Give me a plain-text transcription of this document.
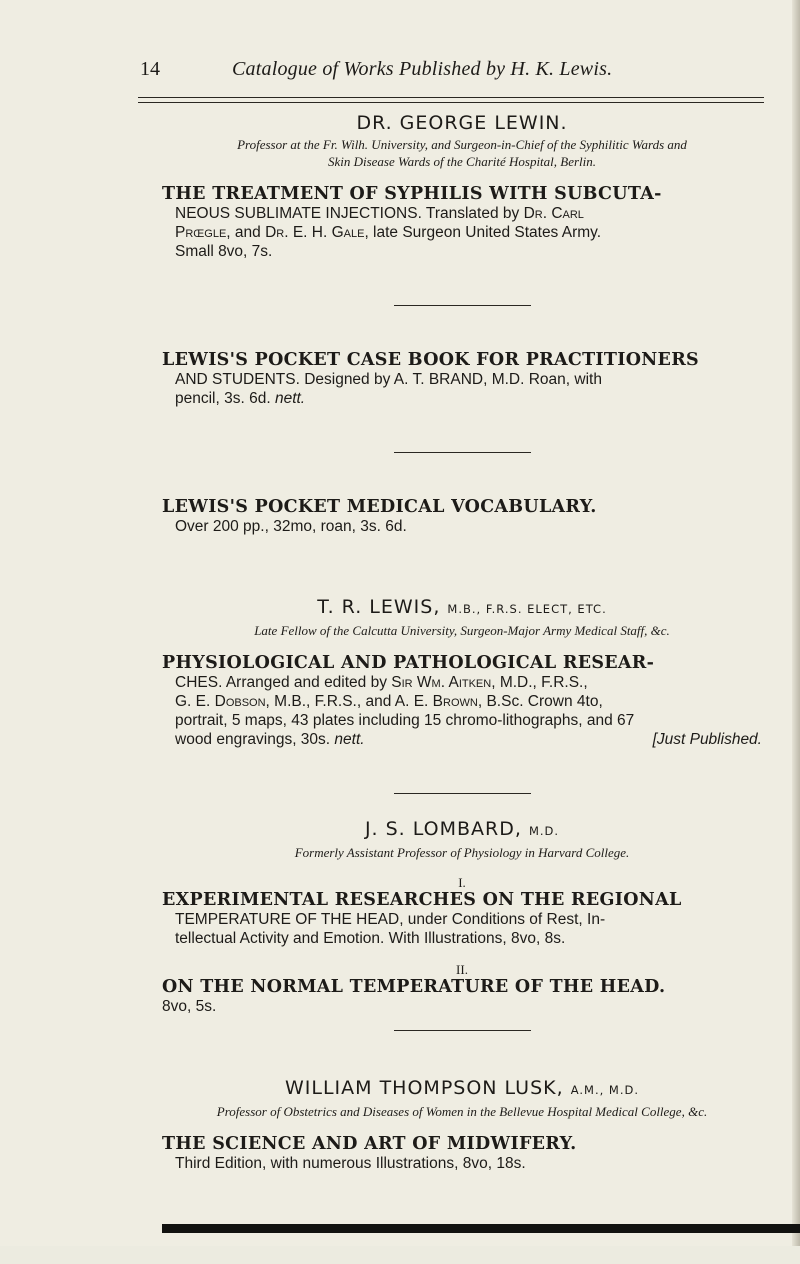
14	Catalogue of Works Published by H. K. Lewis.

DR. GEORGE LEWIN.

Professor at the Fr. Wilh. University, and Surgeon-in-Chief of the Syphilitic Wards and
Skin Disease Wards of the Charité Hospital, Berlin.

THE TREATMENT OF SYPHILIS WITH SUBCUTA-

NEOUS SUBLIMATE INJECTIONS. Translated by Dr. Carl
Prœgle, and Dr. E. H. Gale, late Surgeon United States Army.
Small 8vo, 7s.

LEWIS'S POCKET CASE BOOK FOR PRACTITIONERS

AND STUDENTS. Designed by A. T. BRAND, M.D. Roan, with
pencil, 3s. 6d. nett.

LEWIS'S POCKET MEDICAL VOCABULARY.

Over 200 pp., 32mo, roan, 3s. 6d.

T. R. LEWIS, M.B., F.R.S. ELECT, ETC.

Late Fellow of the Calcutta University, Surgeon-Major Army Medical Staff, &c.

PHYSIOLOGICAL AND PATHOLOGICAL RESEAR-

CHES. Arranged and edited by Sir Wm. Aitken, M.D., F.R.S.,
G. E. Dobson, M.B., F.R.S., and A. E. Brown, B.Sc. Crown 4to,
portrait, 5 maps, 43 plates including 15 chromo-lithographs, and 67
wood engravings, 30s. nett.	[Just Published.

J. S. LOMBARD, M.D.

Formerly Assistant Professor of Physiology in Harvard College.

I.

EXPERIMENTAL RESEARCHES ON THE REGIONAL

TEMPERATURE OF THE HEAD, under Conditions of Rest, In-
tellectual Activity and Emotion. With Illustrations, 8vo, 8s.

II.

ON THE NORMAL TEMPERATURE OF THE HEAD.

8vo, 5s.

WILLIAM THOMPSON LUSK, A.M., M.D.

Professor of Obstetrics and Diseases of Women in the Bellevue Hospital Medical College, &c.

THE SCIENCE AND ART OF MIDWIFERY.

Third Edition, with numerous Illustrations, 8vo, 18s.
